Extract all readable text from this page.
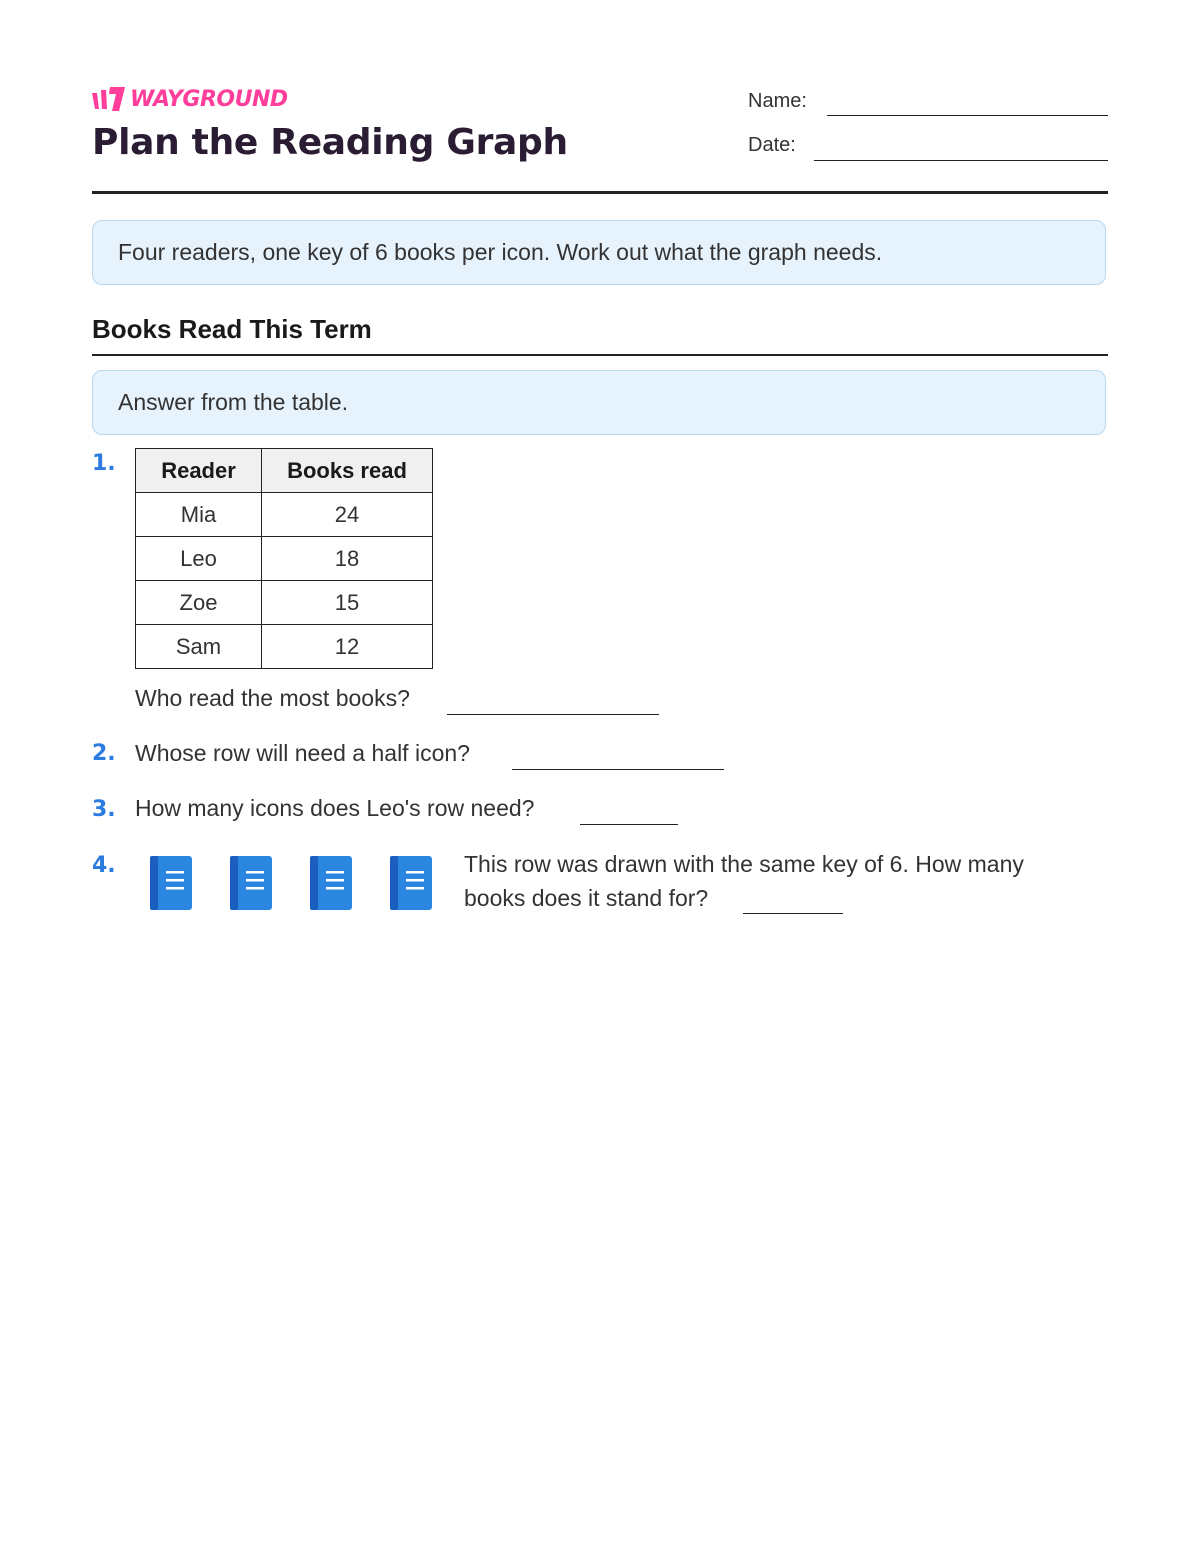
WAYGROUND
Plan the Reading Graph
Name:
Date:
Four readers, one key of 6 books per icon. Work out what the graph needs.
Books Read This Term
Answer from the table.
1. Reader	Books read
Mia	24
Leo	18
Zoe	15
Sam	12
Who read the most books?
2. Whose row will need a half icon?
3. How many icons does Leo's row need?
4.	This row was drawn with the same key of 6. How many
books does it stand for?
